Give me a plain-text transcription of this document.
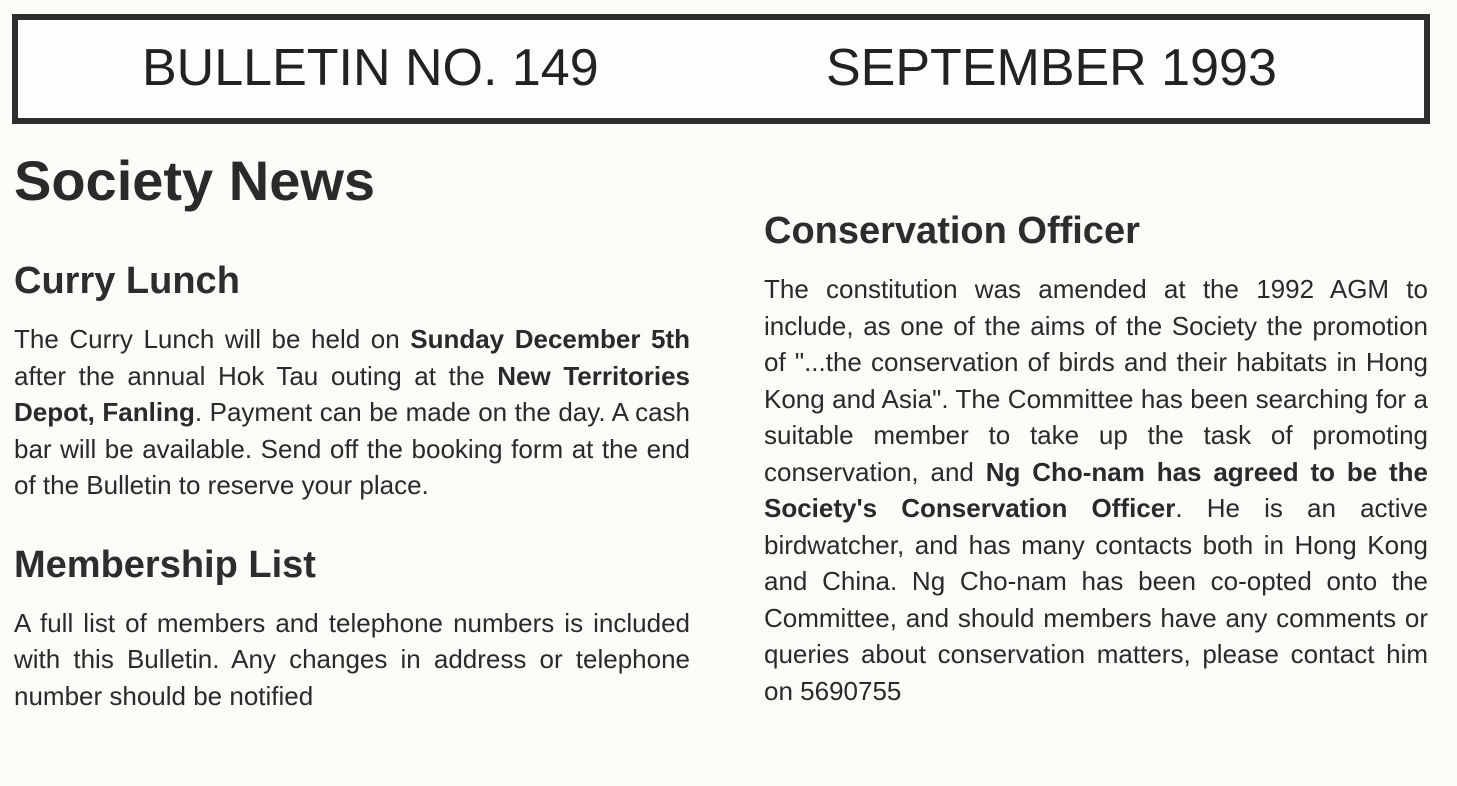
BULLETIN NO. 149	SEPTEMBER 1993
Society News
Curry Lunch

The Curry Lunch will be held on Sunday December 5th after the annual Hok Tau outing at the New Territories Depot, Fanling. Payment can be made on the day. A cash bar will be available. Send off the booking form at the end of the Bulletin to reserve your place.

Membership List

A full list of members and telephone numbers is included with this Bulletin. Any changes in address or telephone number should be notified

Conservation Officer

The constitution was amended at the 1992 AGM to include, as one of the aims of the Society the promotion of "...the conservation of birds and their habitats in Hong Kong and Asia". The Committee has been searching for a suitable member to take up the task of promoting conservation, and Ng Cho-nam has agreed to be the Society's Conservation Officer. He is an active birdwatcher, and has many contacts both in Hong Kong and China. Ng Cho-nam has been co-opted onto the Committee, and should members have any comments or queries about conservation matters, please contact him on 5690755
